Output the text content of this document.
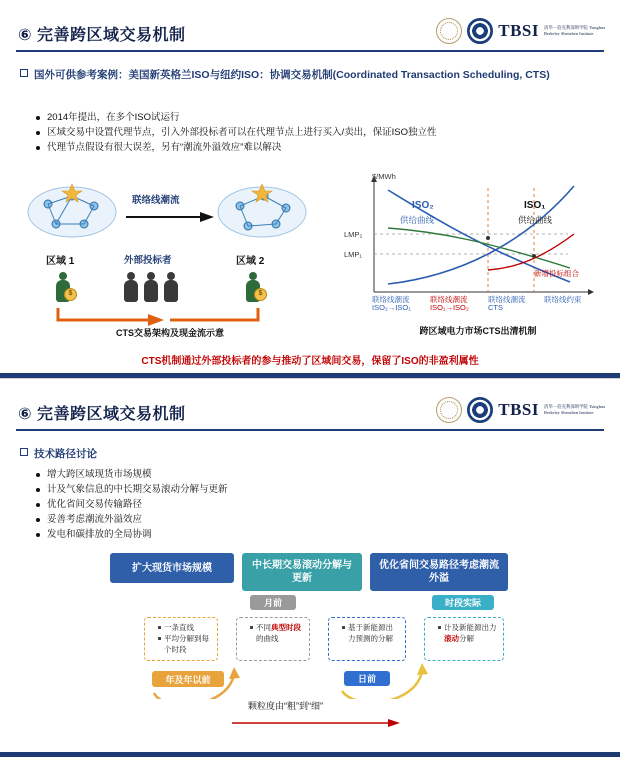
⑥ 完善跨区域交易机制	TBSI 清华－伯克利深圳学院 Tsinghua Berkeley Shenzhen Institute
国外可供参考案例：美国新英格兰ISO与纽约ISO：协调交易机制(Coordinated Transaction Scheduling, CTS)
2014年提出，在多个ISO试运行
区域交易中设置代理节点，引入外部投标者可以在代理节点上进行买入/卖出，保证ISO独立性
代理节点假设有很大误差，另有“潮流外溢效应”难以解决
联络线潮流
区域 1	区域 2
外部投标者
$	$
CTS交易架构及现金流示意
$/MWh
ISO₂
供给曲线
ISO₁
供给曲线
LMP₂
LMP₁
新增投标组合
联络线潮流ISO₂→ISO₁
联络线潮流ISO₁→ISO₂
联络线潮流CTS
联络线约束
跨区域电力市场CTS出清机制
CTS机制通过外部投标者的参与推动了区域间交易，保留了ISO的非盈利属性
⑥ 完善跨区域交易机制	TBSI 清华－伯克利深圳学院 Tsinghua Berkeley Shenzhen Institute
技术路径讨论
增大跨区域现货市场规模
计及气象信息的中长期交易滚动分解与更新
优化省间交易传输路径
妥善考虑潮流外溢效应
发电和碳排放的全局协调
扩大现货市场规模	中长期交易滚动分解与更新
优化省间交易路径考虑潮流外溢
一条直线
平均分解到每个时段
年及年以前
不同典型时段的曲线
月前
基于新能源出力预测的分解
日前
计及新能源出力滚动分解
时段实际
颗粒度由“粗”到“细”
